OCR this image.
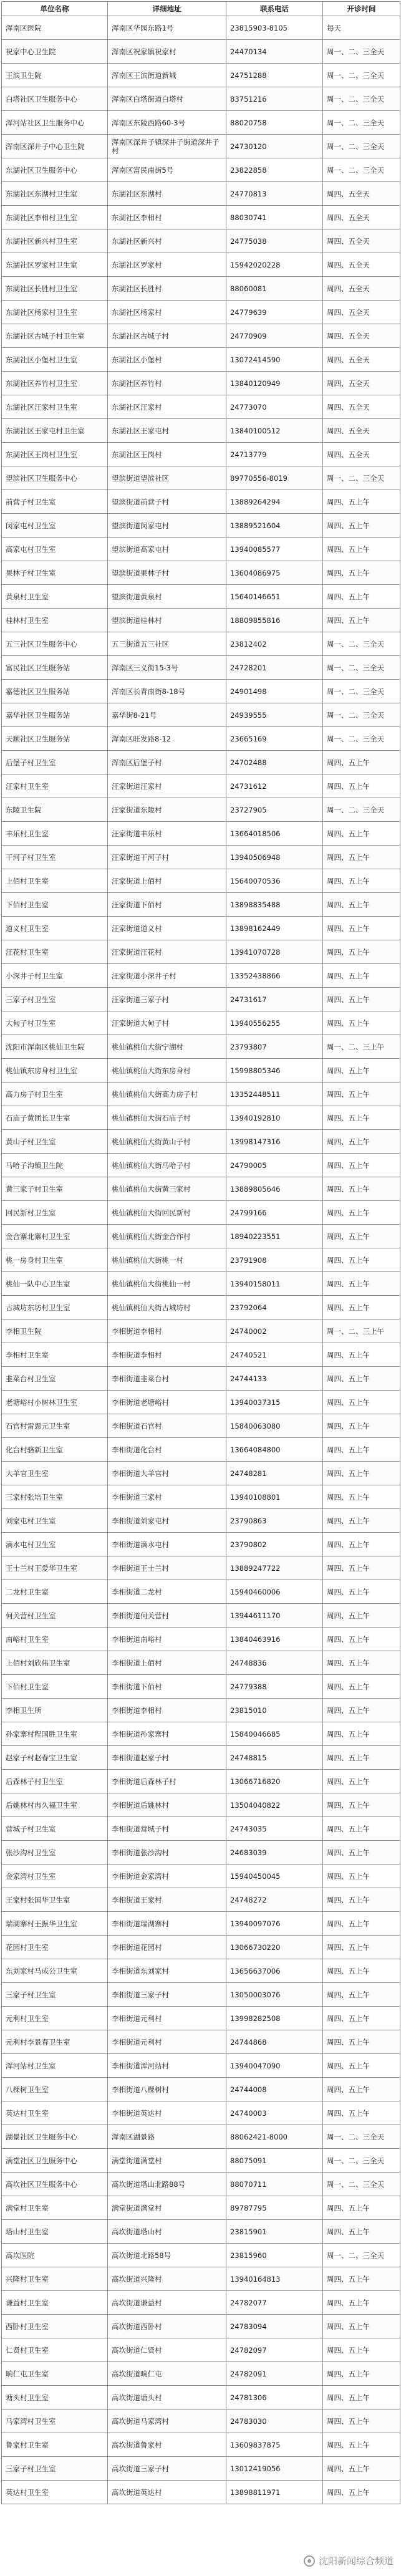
单位名称	详细地址	联系电话	开诊时间
浑南区医院	浑南区华园东路1号	23815903-8105	每天
祝家中心卫生院	浑南区祝家镇祝家村	24470134	周一、二、三全天
王滨卫生院	浑南区王滨街道新城	24751288	周一、二、三全天
白塔社区卫生服务中心	浑南区白塔街道白塔村	83751216	周一、二、三全天
浑河站社区卫生服务中心	浑南区东陵西路60-3号	88020758	周一、二、三全天
浑南区深井子中心卫生院	浑南区深井子镇深井子街道深井子村	24730120	周一、二、三全天
东湖社区卫生服务中心	浑南区富民南街5号	23822858	周一、二、三全天
东湖社区东湖村卫生室	东湖社区东湖村	24770813	周四、五全天
东湖社区李相村卫生室	东湖社区李相村	88030741	周四、五全天
东湖社区新兴村卫生室	东湖社区新兴村	24775038	周四、五全天
东湖社区罗家村卫生室	东湖社区罗家村	15942020228	周四、五全天
东湖社区长胜村卫生室	东湖社区长胜村	88060081	周四、五全天
东湖社区杨家村卫生室	东湖社区杨家村	24779639	周四、五全天
东湖社区古城子村卫生室	东湖社区古城子村	24770909	周四、五全天
东湖社区小堡村卫生室	东湖社区小堡村	13072414590	周四、五全天
东湖社区养竹村卫生室	东湖社区养竹村	13840120949	周四、五全天
东湖社区汪家村卫生室	东湖社区汪家村	24773070	周四、五全天
东湖社区王家屯村卫生室	东湖社区王家屯村	13840100512	周四、五全天
东湖社区王岗村卫生室	东湖社区王岗村	24713779	周四、五全天
望滨社区卫生服务中心	望滨街道望滨社区	89770556-8019	周一、二、三全天
前营子村卫生室	望滨街道前营子村	13889264294	周四、五上午
闵家屯村卫生室	望滨街道闵家屯村	13889521604	周四、五上午
高家屯村卫生室	望滨街道高家屯村	13940085577	周四、五上午
果林子村卫生室	望滨街道果林子村	13604086975	周四、五上午
黄泉村卫生室	望滨街道黄泉村	15640146651	周四、五上午
桂林村卫生室	望滨街道桂林村	18809855816	周四、五上午
五三社区卫生服务中心	五三街道五三社区	23812402	周一、二、三全天
富民社区卫生服务站	浑南区三义街15-3号	24728201	周一、二、三全天
嘉德社区卫生服务站	浑南区长青南街8-18号	24901498	周一、二、三全天
嘉华社区卫生服务站	嘉华街8-21号	24939555	周一、二、三全天
天顺社区卫生服务站	浑南区旺发路8-12	23665169	周一、二、三全天
后堡子村卫生室	浑南区后堡子村	24702488	周四、五上午
汪家村卫生室	汪家街道汪家村	24731612	周四、五上午
东陵卫生院	汪家街道东陵村	23727905	周一、二、三全天
丰乐村卫生室	汪家街道丰乐村	13664018506	周四、五上午
干河子村卫生室	汪家街道干河子村	13940506948	周四、五上午
上佰村卫生室	汪家街道上佰村	15640070536	周四、五上午
下佰村卫生室	汪家街道下佰村	13898835488	周四、五上午
道义村卫生室	汪家街道道义村	13898162449	周四、五上午
汪花村卫生室	汪家街道汪花村	13941070728	周四、五上午
小深井子村卫生室	汪家街道小深井子村	13352438866	周四、五上午
三家子村卫生室	汪家街道三家子村	24731617	周四、五上午
大甸子村卫生室	汪家街道大甸子村	13940556255	周四、五上午
沈阳市浑南区桃仙卫生院	桃仙镇桃仙大街宁湖村	23793807	周一、二、三上午
桃仙镇东房身村卫生室	桃仙镇桃仙大街东房身村	15998805346	周四、五上午
高力房子村卫生室	桃仙镇桃仙大街高力房子村	13352448511	周四、五上午
石庙子黄团长卫生室	桃仙镇桃仙大街石庙子村	13940192810	周四、五上午
黄山子村卫生室	桃仙镇桃仙大街黄山子村	13998147316	周四、五上午
马哈子沟镇卫生院	桃仙镇桃仙大街马哈子村	24790005	周四、五上午
黄三家子村卫生室	桃仙镇桃仙大街黄三家村	13889805646	周四、五上午
回民新村卫生室	桃仙镇桃仙大街回民新村	24799166	周四、五上午
金合寨北寨村卫生室	桃仙镇桃仙大街金合作村	18940223551	周四、五上午
桃一房身村卫生室	桃仙镇桃仙大街桃一村	23791908	周四、五上午
桃仙一队中心卫生室	桃仙镇桃仙大街桃仙一村	13940158011	周四、五上午
古城坊东坊村卫生室	桃仙镇桃仙大街古城坊村	23792064	周四、五上午
李相卫生院	李相街道李相村	24740002	周一、二、三上午
李相村卫生室	李相街道李相村	24740521	周四、五上午
韭菜台村卫生室	李相街道韭菜台村	24744133	周四、五上午
老塘峪村小树林卫生室	李相街道老塘峪村	13940037315	周四、五上午
石官村雷恩元卫生室	李相街道石官村	15840063080	周四、五上午
化台村骆新卫生室	李相街道化台村	13664084800	周四、五上午
大羊官卫生室	李相街道大羊官村	24748281	周四、五上午
三家村张培卫生室	李相街道三家村	13940108801	周四、五上午
刘家屯村卫生室	李相街道刘家屯村	23790863	周四、五上午
滴水屯村卫生室	李相街道滴水屯村	23790802	周四、五上午
王士兰村王爱华卫生室	李相街道王士兰村	13889247722	周四、五上午
二龙村卫生室	李相街道二龙村	15940460006	周四、五上午
何关营村卫生室	李相街道何关营村	13944611170	周四、五上午
南峪村卫生室	李相街道南峪村	13840463916	周四、五上午
上佰村刘欣伟卫生室	李相街道上佰村	24748836	周四、五上午
下佰村卫生室	李相街道下佰村	24779388	周四、五上午
李相卫生所	李相街道李相村	23815010	周四、五上午
孙家寨村程国胜卫生室	李相街道孙家寨村	15840046685	周四、五上午
赵家子村赵春宝卫生室	李相街道赵家子村	24748815	周四、五上午
后森林子村卫生室	李相街道后森林子村	13066716820	周四、五上午
后姚林村冉久福卫生室	李相街道后姚林村	13504040822	周四、五上午
营城子村卫生室	李相街道营城子村	24743035	周四、五上午
张沙沟村卫生室	李相街道张沙沟村	24683039	周四、五上午
金家湾村卫生室	李相街道金家湾村	15940450045	周四、五上午
王家村张国华卫生室	李相街道王家村	24748272	周四、五上午
瑞湖寨村王振华卫生室	李相街道瑞湖寨村	13940097076	周四、五上午
花园村卫生室	李相街道花园村	13066730220	周四、五上午
东刘家村马成公卫生室	李相街道东刘家村	13656637006	周四、五上午
三家子村卫生室	李相街道三家子村	13050003076	周四、五上午
元利村卫生室	李相街道元利村	13998282508	周四、五上午
元利村李景春卫生室	李相街道元利村	24744868	周四、五上午
浑河站村卫生室	李相街道浑河站村	13940047090	周四、五上午
八棵树卫生室	李相街道八棵树村	24744008	周四、五上午
英达村卫生室	李相街道英达村	24740003	周四、五上午
湖景社区卫生服务中心	浑南区湖景路	88062421-8000	周一、二、三全天
满堂社区卫生服务中心	满堂街道满堂村	88075091	周一、二、三全天
高坎社区卫生服务中心	高坎街道塔山北路88号	88070711	周一、二、三全天
满堂村卫生室	满堂街道满堂村	89787795	周四、五上午
塔山村卫生室	高坎街道塔山村	23815901	周四、五上午
高坎医院	高坎街道北路58号	23815960	周一、二、三全天
兴隆村卫生室	高坎街道兴隆村	13940164813	周四、五上午
谦益村卫生室	高坎街道谦益村	24782077	周四、五上午
西卧村卫生室	高坎街道西卧村	24783094	周四、五上午
仁贤村卫生室	高坎街道仁贤村	24782097	周四、五上午
晌仁屯卫生室	高坎街道晌仁屯	24782091	周四、五上午
塘头村卫生室	高坎街道塘头村	24781306	周四、五上午
马家湾村卫生室	高坎街道马家湾村	24783030	周四、五上午
鲁家村卫生室	高坎街道鲁家村	13609837875	周四、五上午
三家子村卫生室	高坎街道三家子村	13012419056	周四、五上午
英达村卫生室	高坎街道英达村	13898811971	周四、五上午
沈阳新闻综合频道
